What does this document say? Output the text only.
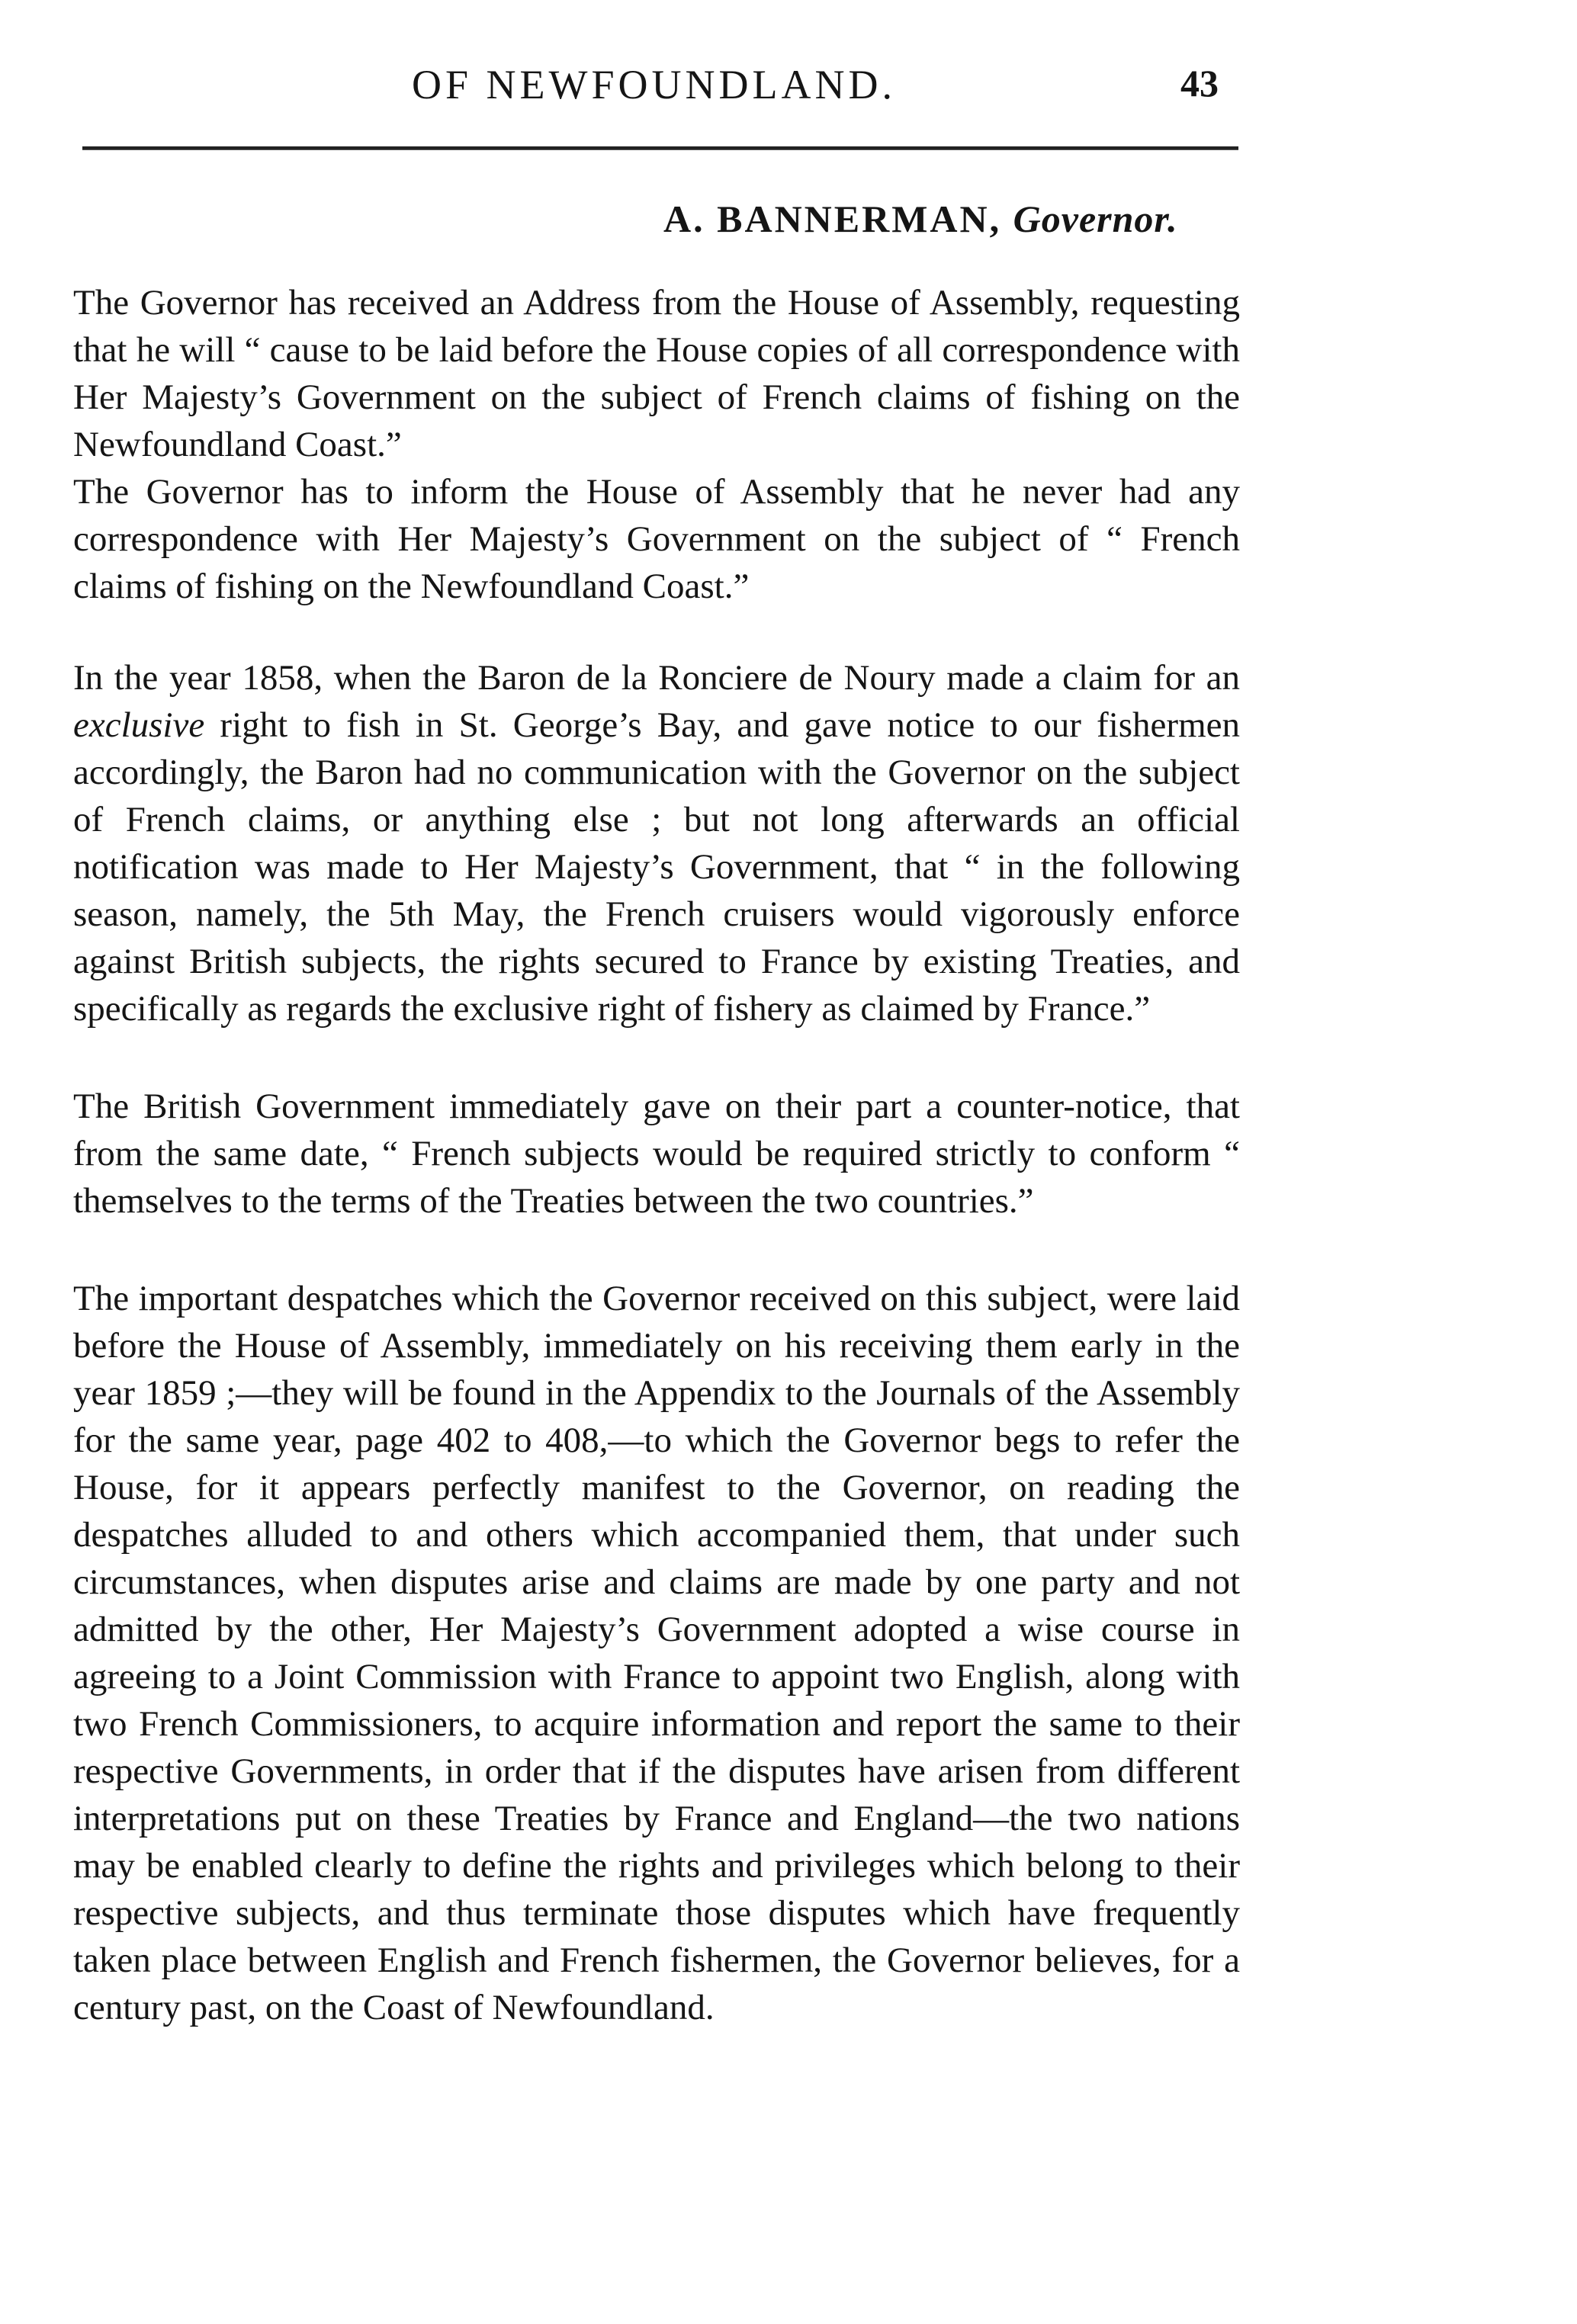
OF NEWFOUNDLAND.	43
A. BANNERMAN, Governor.

The Governor has received an Address from the House of Assembly, requesting that he will “ cause to be laid before the House copies of all correspondence with Her Majesty’s Government on the subject of French claims of fishing on the Newfoundland Coast.”

The Governor has to inform the House of Assembly that he never had any correspondence with Her Majesty’s Government on the subject of “ French claims of fishing on the Newfoundland Coast.”

In the year 1858, when the Baron de la Ronciere de Noury made a claim for an exclusive right to fish in St. George’s Bay, and gave notice to our fishermen accordingly, the Baron had no communication with the Governor on the subject of French claims, or anything else ; but not long afterwards an official notification was made to Her Majesty’s Government, that “ in the following season, namely, the 5th May, the French cruisers would vigorously enforce against British subjects, the rights secured to France by existing Treaties, and specifically as regards the exclusive right of fishery as claimed by France.”

The British Government immediately gave on their part a counter-notice, that from the same date, “ French subjects would be required strictly to conform “ themselves to the terms of the Treaties between the two countries.”

The important despatches which the Governor received on this subject, were laid before the House of Assembly, immediately on his receiving them early in the year 1859 ;—they will be found in the Appendix to the Journals of the Assembly for the same year, page 402 to 408,—to which the Governor begs to refer the House, for it appears perfectly manifest to the Governor, on reading the despatches alluded to and others which accompanied them, that under such circumstances, when disputes arise and claims are made by one party and not admitted by the other, Her Majesty’s Government adopted a wise course in agreeing to a Joint Commission with France to appoint two English, along with two French Commissioners, to acquire information and report the same to their respective Governments, in order that if the disputes have arisen from different interpretations put on these Treaties by France and England—the two nations may be enabled clearly to define the rights and privileges which belong to their respective subjects, and thus terminate those disputes which have frequently taken place between English and French fishermen, the Governor believes, for a century past, on the Coast of Newfoundland.
